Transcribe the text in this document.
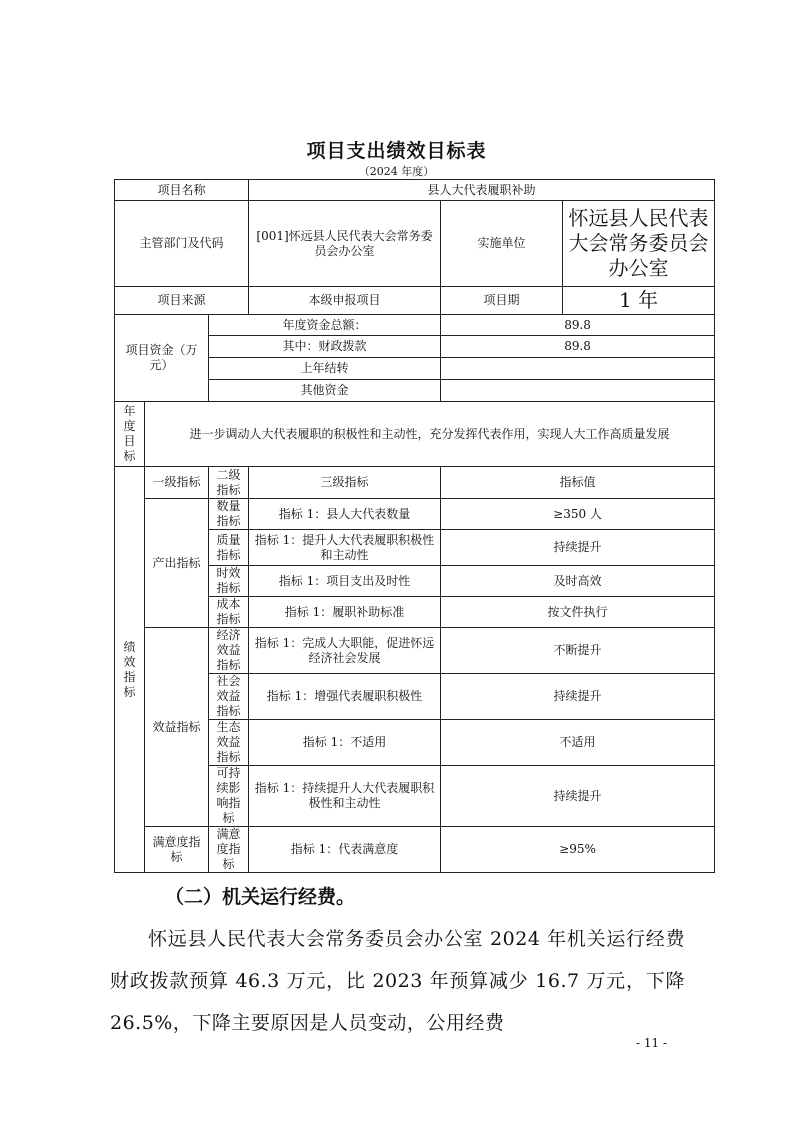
项目支出绩效目标表
（2024 年度）
项目名称			县人大代表履职补助		
主管部门及代码			[001]怀远县人民代表大会常务委员会办公室	实施单位	怀远县人民代表大会常务委员会办公室
项目来源			本级申报项目	项目期	1 年
项目资金（万元）		年度资金总额：		89.8	
		其中：财政拨款		89.8	
		上年结转			
		其他资金			
年度目标	进一步调动人大代表履职的积极性和主动性，充分发挥代表作用，实现人大工作高质量发展				
绩效指标	一级指标	二级指标	三级指标	指标值	
	产出指标	数量指标	指标 1：县人大代表数量	≥350 人	
		质量指标	指标 1：提升人大代表履职积极性和主动性	持续提升	
		时效指标	指标 1：项目支出及时性	及时高效	
		成本指标	指标 1：履职补助标准	按文件执行	
	效益指标	经济效益指标	指标 1：完成人大职能，促进怀远经济社会发展	不断提升	
		社会效益指标	指标 1：增强代表履职积极性	持续提升	
		生态效益指标	指标 1：不适用	不适用	
		可持续影响指标	指标 1：持续提升人大代表履职积极性和主动性	持续提升	
	满意度指标	满意度指标	指标 1：代表满意度	≥95%	
（二）机关运行经费。

怀远县人民代表大会常务委员会办公室 2024 年机关运行经费财政拨款预算 46.3 万元，比 2023 年预算减少 16.7 万元，下降 26.5%，下降主要原因是人员变动，公用经费

- 11 -
